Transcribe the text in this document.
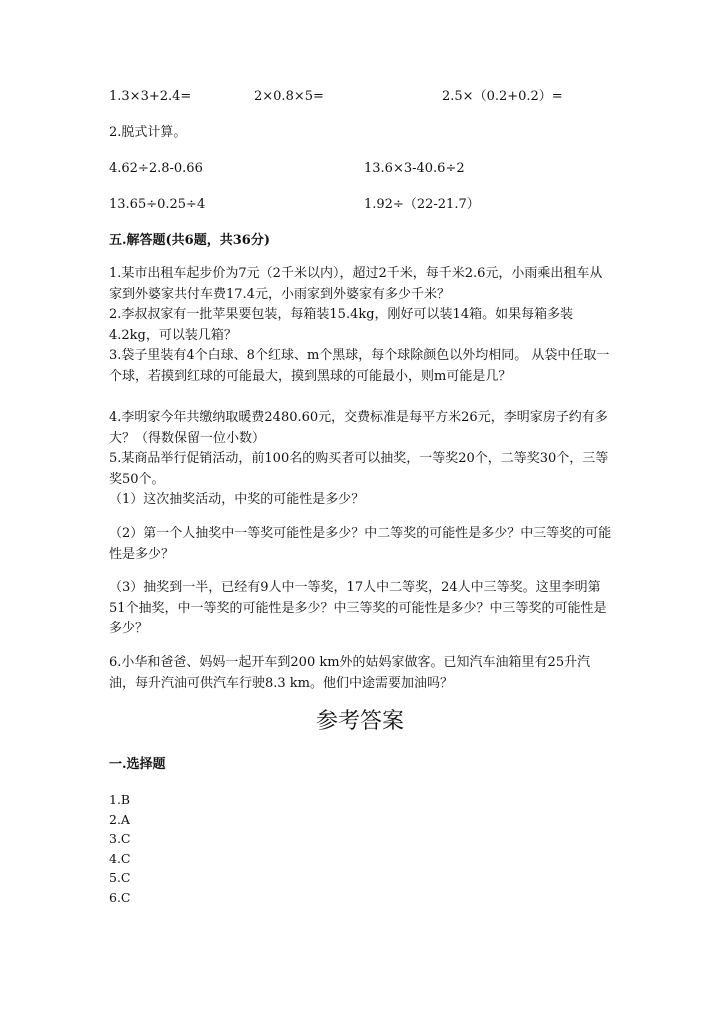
1.3×3+2.4=	2×0.8×5=	2.5×（0.2+0.2）=
2.脱式计算。
4.62÷2.8-0.66	13.6×3-40.6÷2
13.65÷0.25÷4	1.92÷（22-21.7）
五.解答题(共6题，共36分)
1.某市出租车起步价为7元（2千米以内），超过2千米，每千米2.6元，小雨乘出租车从家到外婆家共付车费17.4元，小雨家到外婆家有多少千米？
2.李叔叔家有一批苹果要包装，每箱装15.4kg，刚好可以装14箱。如果每箱多装4.2kg，可以装几箱？
3.袋子里装有4个白球、8个红球、m个黑球，每个球除颜色以外均相同。 从袋中任取一个球，若摸到红球的可能最大，摸到黑球的可能最小，则m可能是几？
4.李明家今年共缴纳取暖费2480.60元，交费标准是每平方米26元，李明家房子约有多大？（得数保留一位小数）
5.某商品举行促销活动，前100名的购买者可以抽奖，一等奖20个，二等奖30个，三等奖50个。
（1）这次抽奖活动，中奖的可能性是多少？
（2）第一个人抽奖中一等奖可能性是多少？中二等奖的可能性是多少？中三等奖的可能性是多少？
（3）抽奖到一半，已经有9人中一等奖，17人中二等奖，24人中三等奖。这里李明第51个抽奖，中一等奖的可能性是多少？中三等奖的可能性是多少？中三等奖的可能性是多少？
6.小华和爸爸、妈妈一起开车到200 km外的姑妈家做客。已知汽车油箱里有25升汽油，每升汽油可供汽车行驶8.3 km。他们中途需要加油吗？
参考答案
一.选择题
1.B
2.A
3.C
4.C
5.C
6.C
